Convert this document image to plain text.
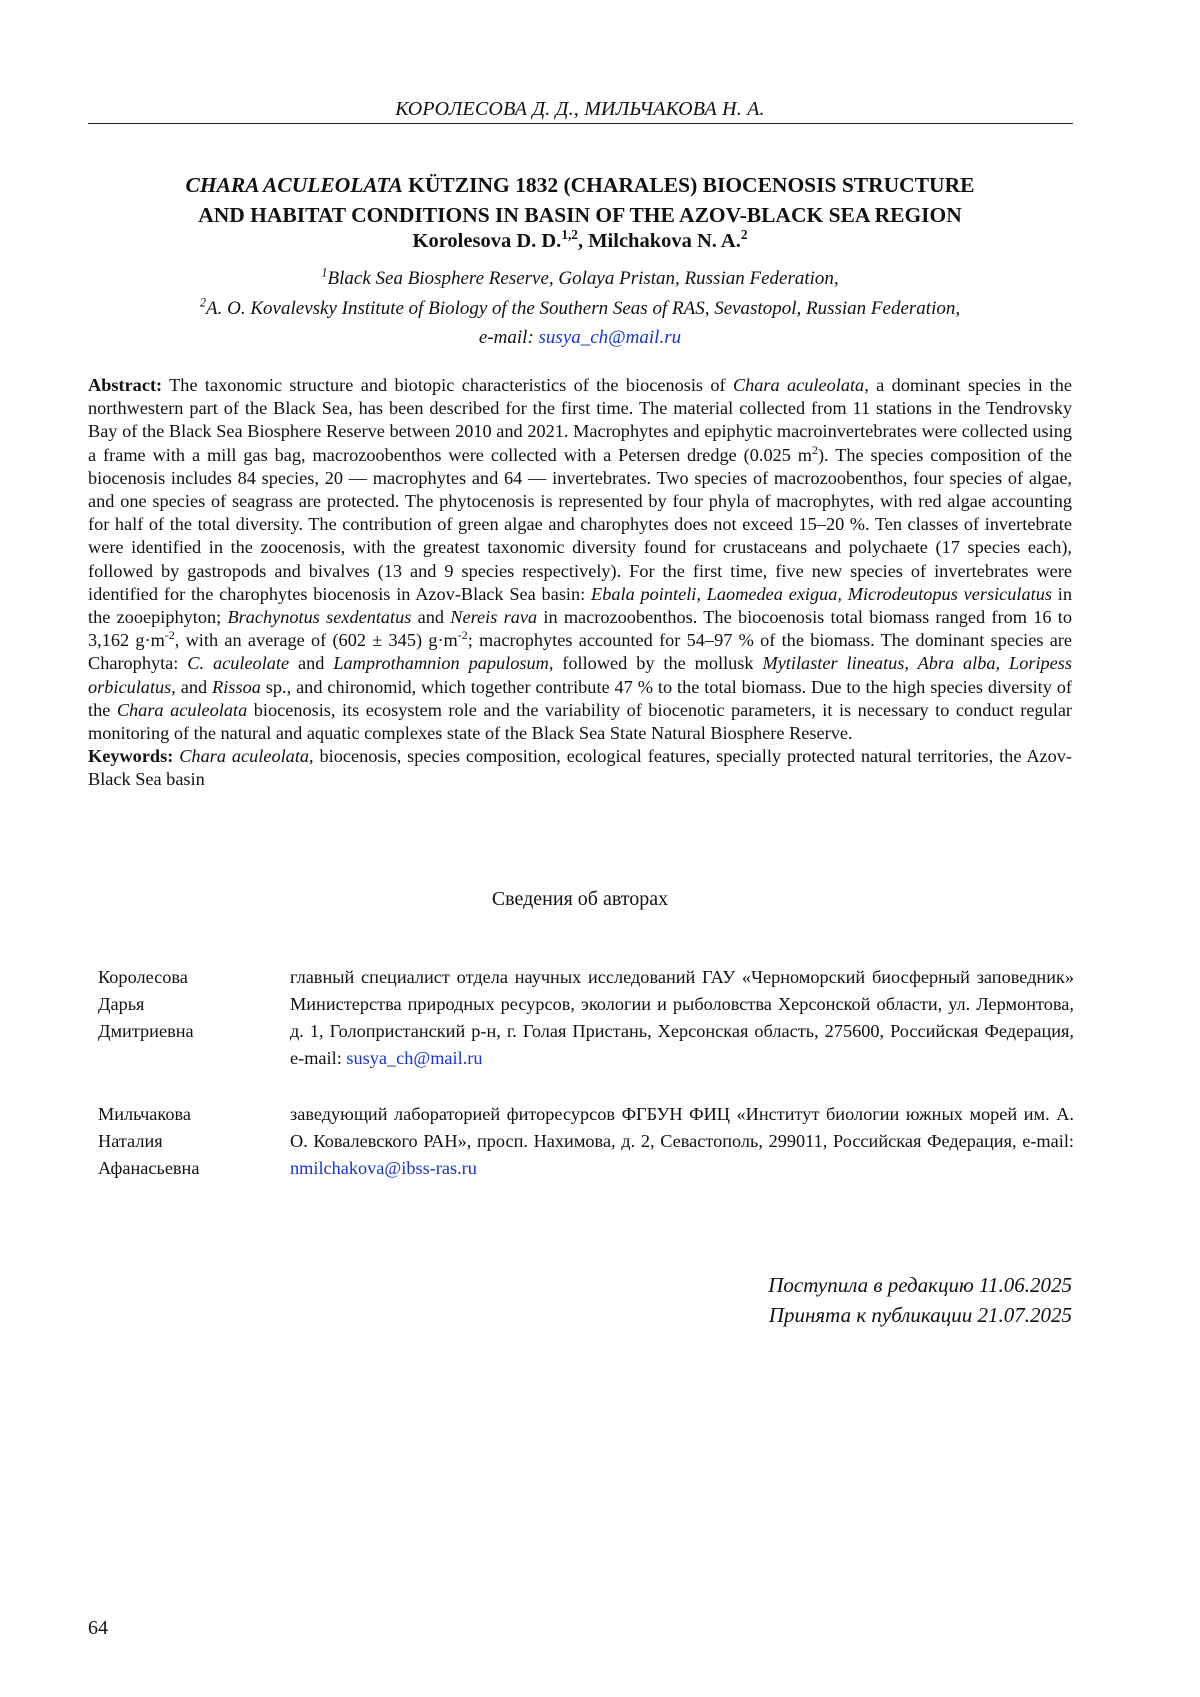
КОРОЛЕСОВА Д. Д., МИЛЬЧАКОВА Н. А.
CHARA ACULEOLATA KÜTZING 1832 (CHARALES) BIOCENOSIS STRUCTURE
AND HABITAT CONDITIONS IN BASIN OF THE AZOV-BLACK SEA REGION
Korolesova D. D.$^{1,2}$, Milchakova N. A.$^2$
$^1$Black Sea Biosphere Reserve, Golaya Pristan, Russian Federation,
$^2$A. O. Kovalevsky Institute of Biology of the Southern Seas of RAS, Sevastopol, Russian Federation,
e-mail: susya_ch@mail.ru

Abstract: The taxonomic structure and biotopic characteristics of the biocenosis of Chara aculeolata, a dominant species in the northwestern part of the Black Sea, has been described for the first time. The material collected from 11 stations in the Tendrovsky Bay of the Black Sea Biosphere Reserve between 2010 and 2021. Macrophytes and epiphytic macroinvertebrates were collected using a frame with a mill gas bag, macrozoobenthos were collected with a Petersen dredge (0.025 $m^2$). The species composition of the biocenosis includes 84 species, 20 — macrophytes and 64 — invertebrates. Two species of macrozoobenthos, four species of algae, and one species of seagrass are protected. The phytocenosis is represented by four phyla of macrophytes, with red algae accounting for half of the total diversity. The contribution of green algae and charophytes does not exceed 15–20 %. Ten classes of invertebrate were identified in the zoocenosis, with the greatest taxonomic diversity found for crustaceans and polychaete (17 species each), followed by gastropods and bivalves (13 and 9 species respectively). For the first time, five new species of invertebrates were identified for the charophytes biocenosis in Azov-Black Sea basin: Ebala pointeli, Laomedea exigua, Microdeutopus versiculatus in the zooepiphyton; Brachynotus sexdentatus and Nereis rava in macrozoobenthos. The biocoenosis total biomass ranged from 16 to 3,162 $g\cdot m^{-2}$, with an average of (602 ± 345) $g\cdot m^{-2}$; macrophytes accounted for 54–97 % of the biomass. The dominant species are Charophyta: C. aculeolate and Lamprothamnion papulosum, followed by the mollusk Mytilaster lineatus, Abra alba, Loripess orbiculatus, and Rissoa sp., and chironomid, which together contribute 47 % to the total biomass. Due to the high species diversity of the Chara aculeolata biocenosis, its ecosystem role and the variability of biocenotic parameters, it is necessary to conduct regular monitoring of the natural and aquatic complexes state of the Black Sea State Natural Biosphere Reserve.

Keywords: Chara aculeolata, biocenosis, species composition, ecological features, specially protected natural territories, the Azov-Black Sea basin

Сведения об авторах
Королесова
Дарья
Дмитриевна
главный специалист отдела научных исследований ГАУ «Черноморский биосферный заповедник» Министерства природных ресурсов, экологии и рыболовства Херсонской области, ул. Лермонтова, д. 1, Голопристанский р-н, г. Голая Пристань, Херсонская область, 275600, Российская Федерация, e-mail: susya_ch@mail.ru
Мильчакова
Наталия
Афанасьевна
заведующий лабораторией фиторесурсов ФГБУН ФИЦ «Институт биологии южных морей им. А. О. Ковалевского РАН», просп. Нахимова, д. 2, Севастополь, 299011, Российская Федерация, e-mail: nmilchakova@ibss-ras.ru
Поступила в редакцию 11.06.2025
Принята к публикации 21.07.2025
64
